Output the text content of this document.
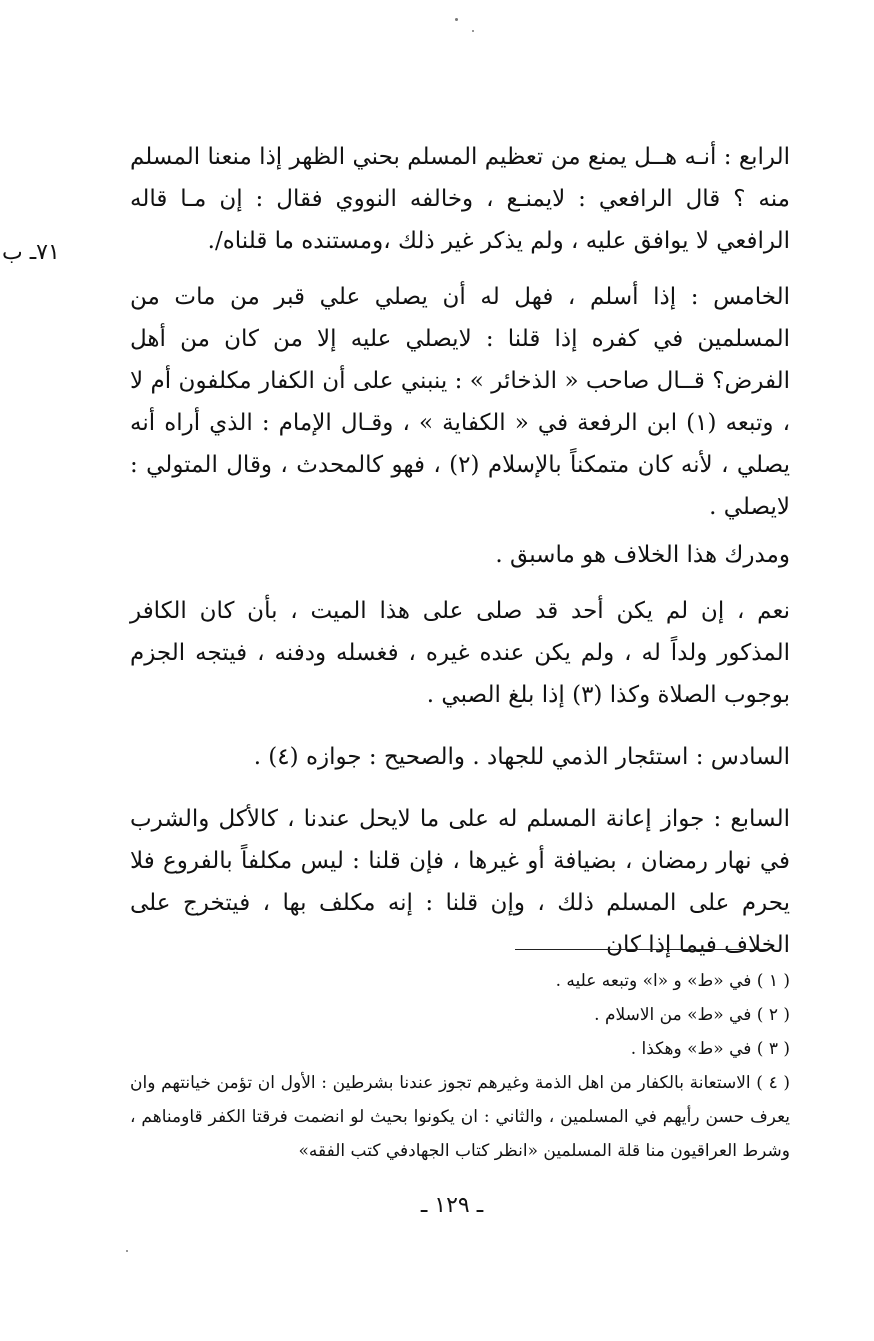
٧١ـ ب

الرابع : أنـه هــل يمنع من تعظيم المسلم بحني الظهر إذا منعنا المسلم منه ؟ قال الرافعي : لايمنـع ، وخالفه النووي فقال : إن مـا قاله الرافعي لا يوافق عليه ، ولم يذكر غير ذلك ،ومستنده ما قلناه/.

الخامس : إذا أسلم ، فهل له أن يصلي علي قبر من مات من المسلمين في كفره إذا قلنا : لايصلي عليه إلا من كان من أهل الفرض؟ قــال صاحب « الذخائر » : ينبني على أن الكفار مكلفون أم لا ، وتبعه (١) ابن الرفعة في « الكفاية » ، وقـال الإمام : الذي أراه أنه يصلي ، لأنه كان متمكناً بالإسلام (٢) ، فهو كالمحدث ، وقال المتولي : لايصلي .

ومدرك هذا الخلاف هو ماسبق .

نعم ، إن لم يكن أحد قد صلى على هذا الميت ، بأن كان الكافر المذكور ولداً له ، ولم يكن عنده غيره ، فغسله ودفنه ، فيتجه الجزم بوجوب الصلاة وكذا (٣) إذا بلغ الصبي .

السادس : استئجار الذمي للجهاد . والصحيح : جوازه (٤) .

السابع : جواز إعانة المسلم له على ما لايحل عندنا ، كالأكل والشرب في نهار رمضان ، بضيافة أو غيرها ، فإن قلنا : ليس مكلفاً بالفروع فلا يحرم على المسلم ذلك ، وإن قلنا : إنه مكلف بها ، فيتخرج على الخلاف فيما إذا كان

( ١ ) في «ط» و «ا» وتبعه عليه .

( ٢ ) في «ط» من الاسلام .

( ٣ ) في «ط» وهكذا .

( ٤ ) الاستعانة بالكفار من اهل الذمة وغيرهم تجوز عندنا بشرطين : الأول ان تؤمن خيانتهم وان يعرف حسن رأيهم في المسلمين ، والثاني : ان يكونوا بحيث لو انضمت فرقتا الكفر قاومناهم ، وشرط العراقيون منا قلة المسلمين «انظر كتاب الجهادفي كتب الفقه»

ـ ١٢٩ ـ
